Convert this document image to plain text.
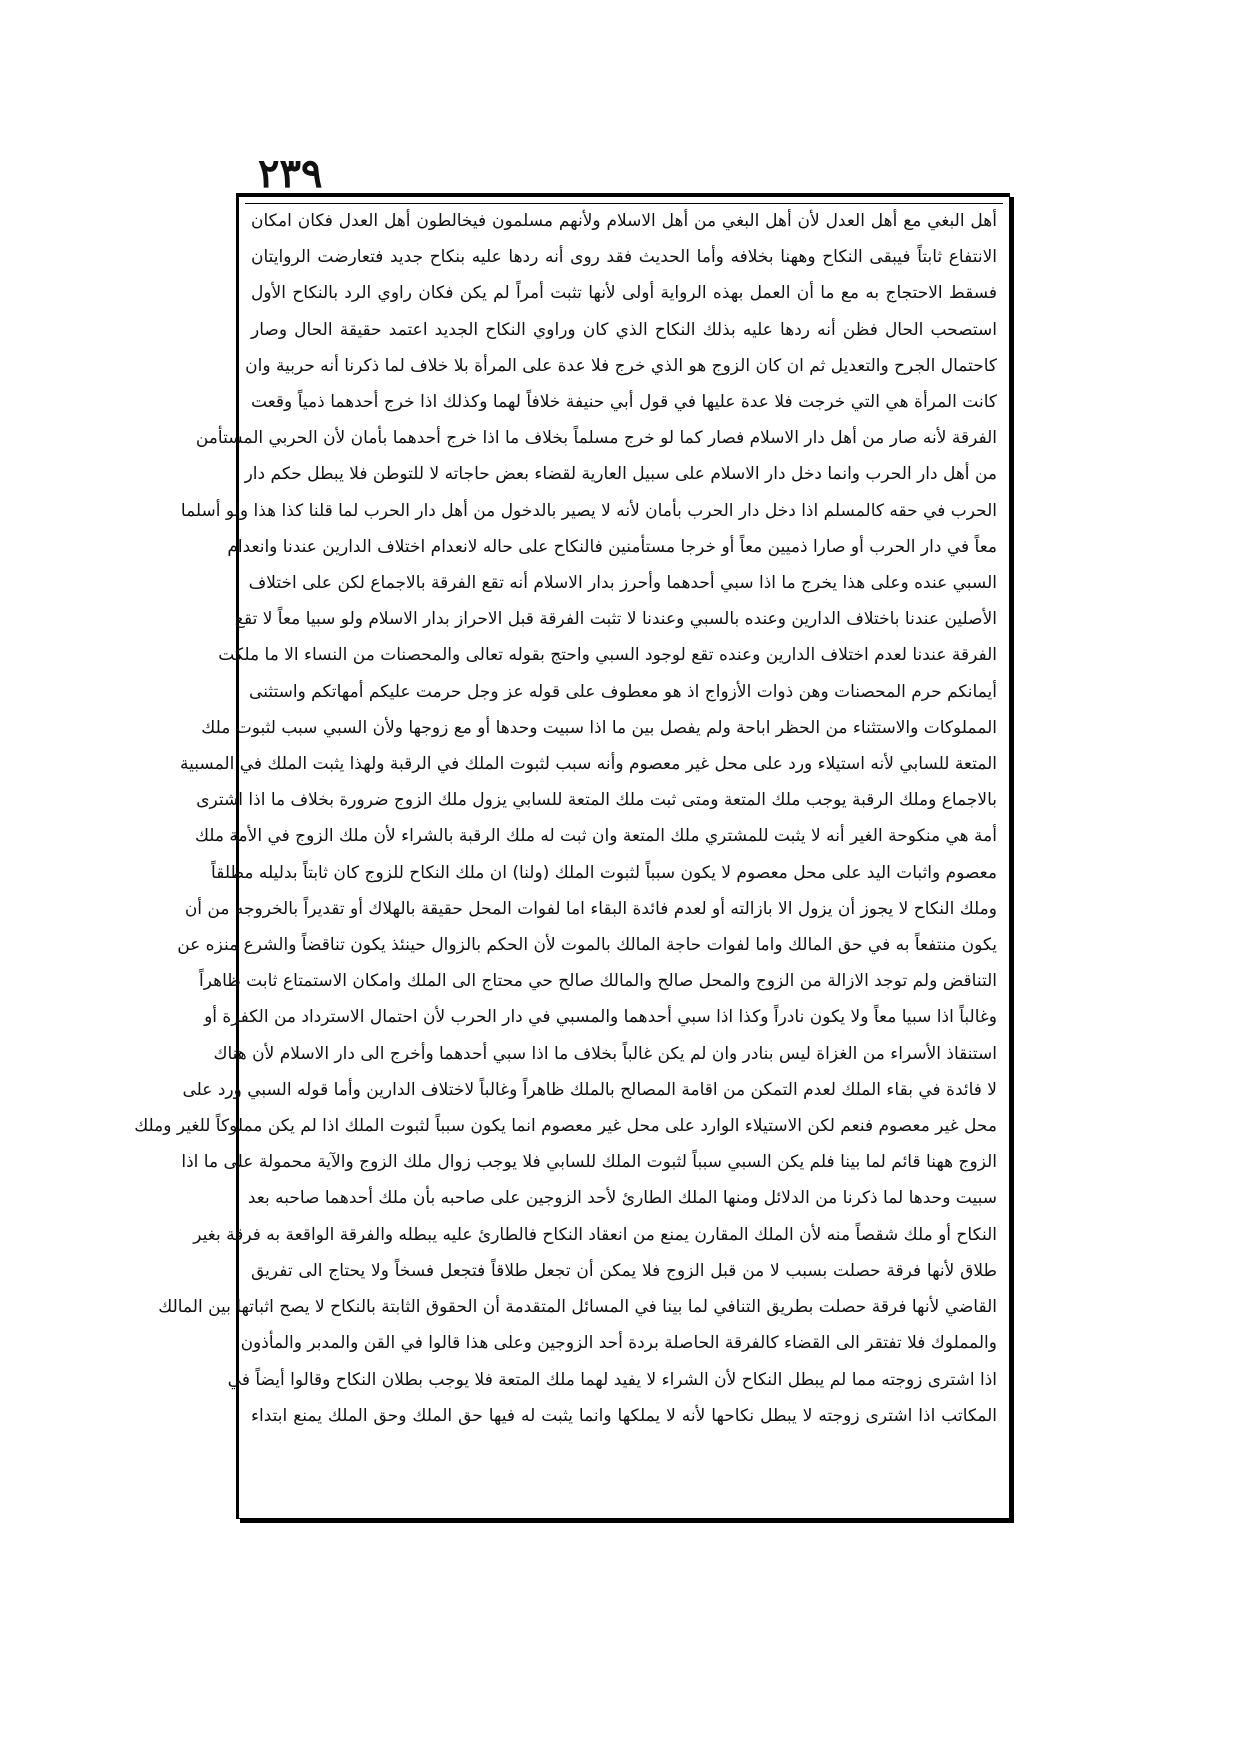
٢٣٩
أهل البغي مع أهل العدل لأن أهل البغي من أهل الاسلام ولأنهم مسلمون فيخالطون أهل العدل فكان امكان
الانتفاع ثابتاً فيبقى النكاح وههنا بخلافه وأما الحديث فقد روى أنه ردها عليه بنكاح جديد فتعارضت الروايتان
فسقط الاحتجاج به مع ما أن العمل بهذه الرواية أولى لأنها تثبت أمراً لم يكن فكان راوي الرد بالنكاح الأول
استصحب الحال فظن أنه ردها عليه بذلك النكاح الذي كان وراوي النكاح الجديد اعتمد حقيقة الحال وصار
كاحتمال الجرح والتعديل ثم ان كان الزوج هو الذي خرج فلا عدة على المرأة بلا خلاف لما ذكرنا أنه حربية وان
كانت المرأة هي التي خرجت فلا عدة عليها في قول أبي حنيفة خلافاً لهما وكذلك اذا خرج أحدهما ذمياً وقعت
الفرقة لأنه صار من أهل دار الاسلام فصار كما لو خرج مسلماً بخلاف ما اذا خرج أحدهما بأمان لأن الحربي المستأمن
من أهل دار الحرب وانما دخل دار الاسلام على سبيل العارية لقضاء بعض حاجاته لا للتوطن فلا يبطل حكم دار
الحرب في حقه كالمسلم اذا دخل دار الحرب بأمان لأنه لا يصير بالدخول من أهل دار الحرب لما قلنا كذا هذا ولو أسلما
معاً في دار الحرب أو صارا ذميين معاً أو خرجا مستأمنين فالنكاح على حاله لانعدام اختلاف الدارين عندنا وانعدام
السبي عنده وعلى هذا يخرج ما اذا سبي أحدهما وأحرز بدار الاسلام أنه تقع الفرقة بالاجماع لكن على اختلاف
الأصلين عندنا باختلاف الدارين وعنده بالسبي وعندنا لا تثبت الفرقة قبل الاحراز بدار الاسلام ولو سبيا معاً لا تقع
الفرقة عندنا لعدم اختلاف الدارين وعنده تقع لوجود السبي واحتج بقوله تعالى والمحصنات من النساء الا ما ملكت
أيمانكم حرم المحصنات وهن ذوات الأزواج اذ هو معطوف على قوله عز وجل حرمت عليكم أمهاتكم واستثنى
المملوكات والاستثناء من الحظر اباحة ولم يفصل بين ما اذا سبيت وحدها أو مع زوجها ولأن السبي سبب لثبوت ملك
المتعة للسابي لأنه استيلاء ورد على محل غير معصوم وأنه سبب لثبوت الملك في الرقبة ولهذا يثبت الملك في المسبية
بالاجماع وملك الرقبة يوجب ملك المتعة ومتى ثبت ملك المتعة للسابي يزول ملك الزوج ضرورة بخلاف ما اذا اشترى
أمة هي منكوحة الغير أنه لا يثبت للمشتري ملك المتعة وان ثبت له ملك الرقبة بالشراء لأن ملك الزوج في الأمة ملك
معصوم واثبات اليد على محل معصوم لا يكون سبباً لثبوت الملك (ولنا) ان ملك النكاح للزوج كان ثابتاً بدليله مطلقاً
وملك النكاح لا يجوز أن يزول الا بازالته أو لعدم فائدة البقاء اما لفوات المحل حقيقة بالهلاك أو تقديراً بالخروجه من أن
يكون منتفعاً به في حق المالك واما لفوات حاجة المالك بالموت لأن الحكم بالزوال حينئذ يكون تناقضاً والشرع منزه عن
التناقض ولم توجد الازالة من الزوج والمحل صالح والمالك صالح حي محتاج الى الملك وامكان الاستمتاع ثابت ظاهراً
وغالباً اذا سبيا معاً ولا يكون نادراً وكذا اذا سبي أحدهما والمسبي في دار الحرب لأن احتمال الاسترداد من الكفرة أو
استنقاذ الأسراء من الغزاة ليس بنادر وان لم يكن غالباً بخلاف ما اذا سبي أحدهما وأخرج الى دار الاسلام لأن هناك
لا فائدة في بقاء الملك لعدم التمكن من اقامة المصالح بالملك ظاهراً وغالباً لاختلاف الدارين وأما قوله السبي ورد على
محل غير معصوم فنعم لكن الاستيلاء الوارد على محل غير معصوم انما يكون سبباً لثبوت الملك اذا لم يكن مملوكاً للغير وملك
الزوج ههنا قائم لما بينا فلم يكن السبي سبباً لثبوت الملك للسابي فلا يوجب زوال ملك الزوج والآية محمولة على ما اذا
سبيت وحدها لما ذكرنا من الدلائل ومنها الملك الطارئ لأحد الزوجين على صاحبه بأن ملك أحدهما صاحبه بعد
النكاح أو ملك شقصاً منه لأن الملك المقارن يمنع من انعقاد النكاح فالطارئ عليه يبطله والفرقة الواقعة به فرقة بغير
طلاق لأنها فرقة حصلت بسبب لا من قبل الزوج فلا يمكن أن تجعل طلاقاً فتجعل فسخاً ولا يحتاج الى تفريق
القاضي لأنها فرقة حصلت بطريق التنافي لما بينا في المسائل المتقدمة أن الحقوق الثابتة بالنكاح لا يصح اثباتها بين المالك
والمملوك فلا تفتقر الى القضاء كالفرقة الحاصلة بردة أحد الزوجين وعلى هذا قالوا في القن والمدبر والمأذون
اذا اشترى زوجته مما لم يبطل النكاح لأن الشراء لا يفيد لهما ملك المتعة فلا يوجب بطلان النكاح وقالوا أيضاً في
المكاتب اذا اشترى زوجته لا يبطل نكاحها لأنه لا يملكها وانما يثبت له فيها حق الملك وحق الملك يمنع ابتداء
